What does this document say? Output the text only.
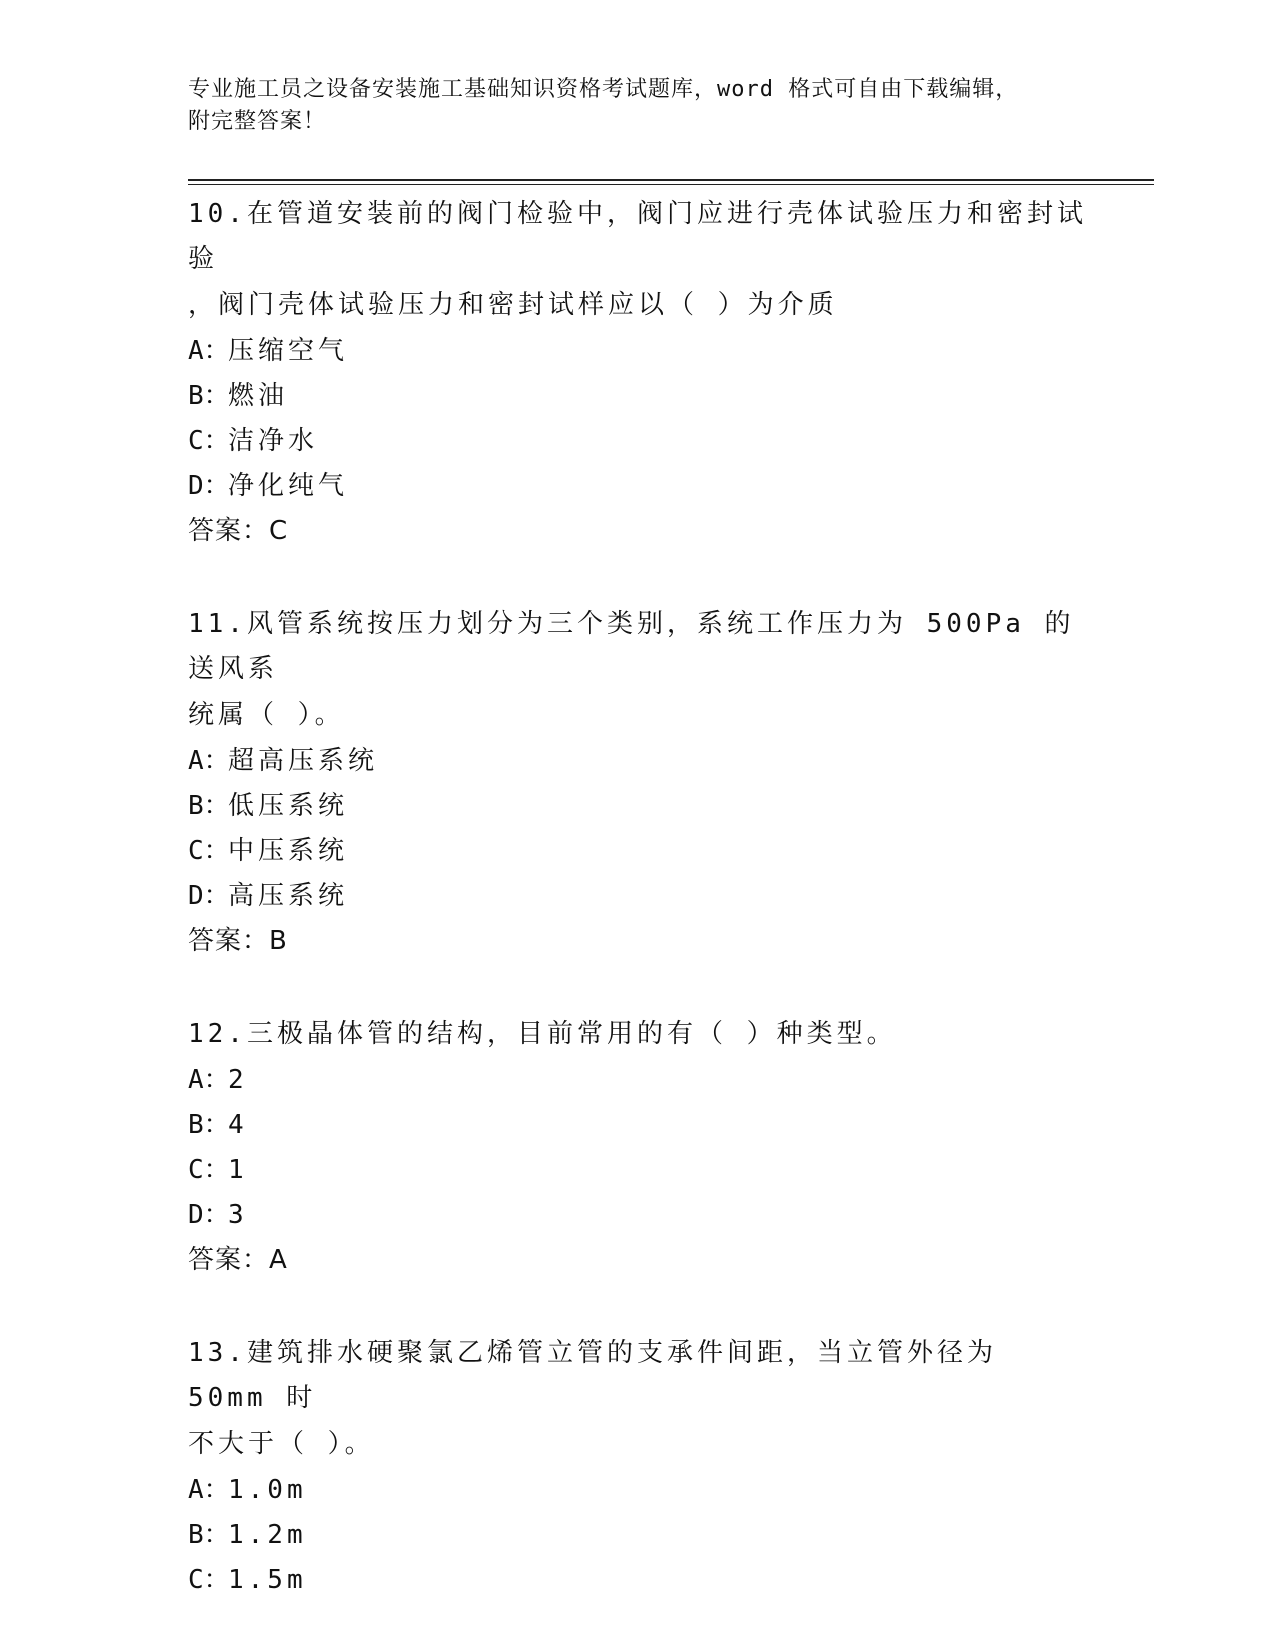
专业施工员之设备安装施工基础知识资格考试题库，word 格式可自由下载编辑，
附完整答案！
10.在管道安装前的阀门检验中，阀门应进行壳体试验压力和密封试验
，阀门壳体试验压力和密封试样应以（ ）为介质
A：压缩空气
B：燃油
C：洁净水
D：净化纯气
答案：C
11.风管系统按压力划分为三个类别，系统工作压力为 500Pa 的送风系
统属（ ）。
A：超高压系统
B：低压系统
C：中压系统
D：高压系统
答案：B
12.三极晶体管的结构，目前常用的有（ ）种类型。
A：2
B：4
C：1
D：3
答案：A
13.建筑排水硬聚氯乙烯管立管的支承件间距，当立管外径为 50mm 时
不大于（ ）。
A：1.0m
B：1.2m
C：1.5m
